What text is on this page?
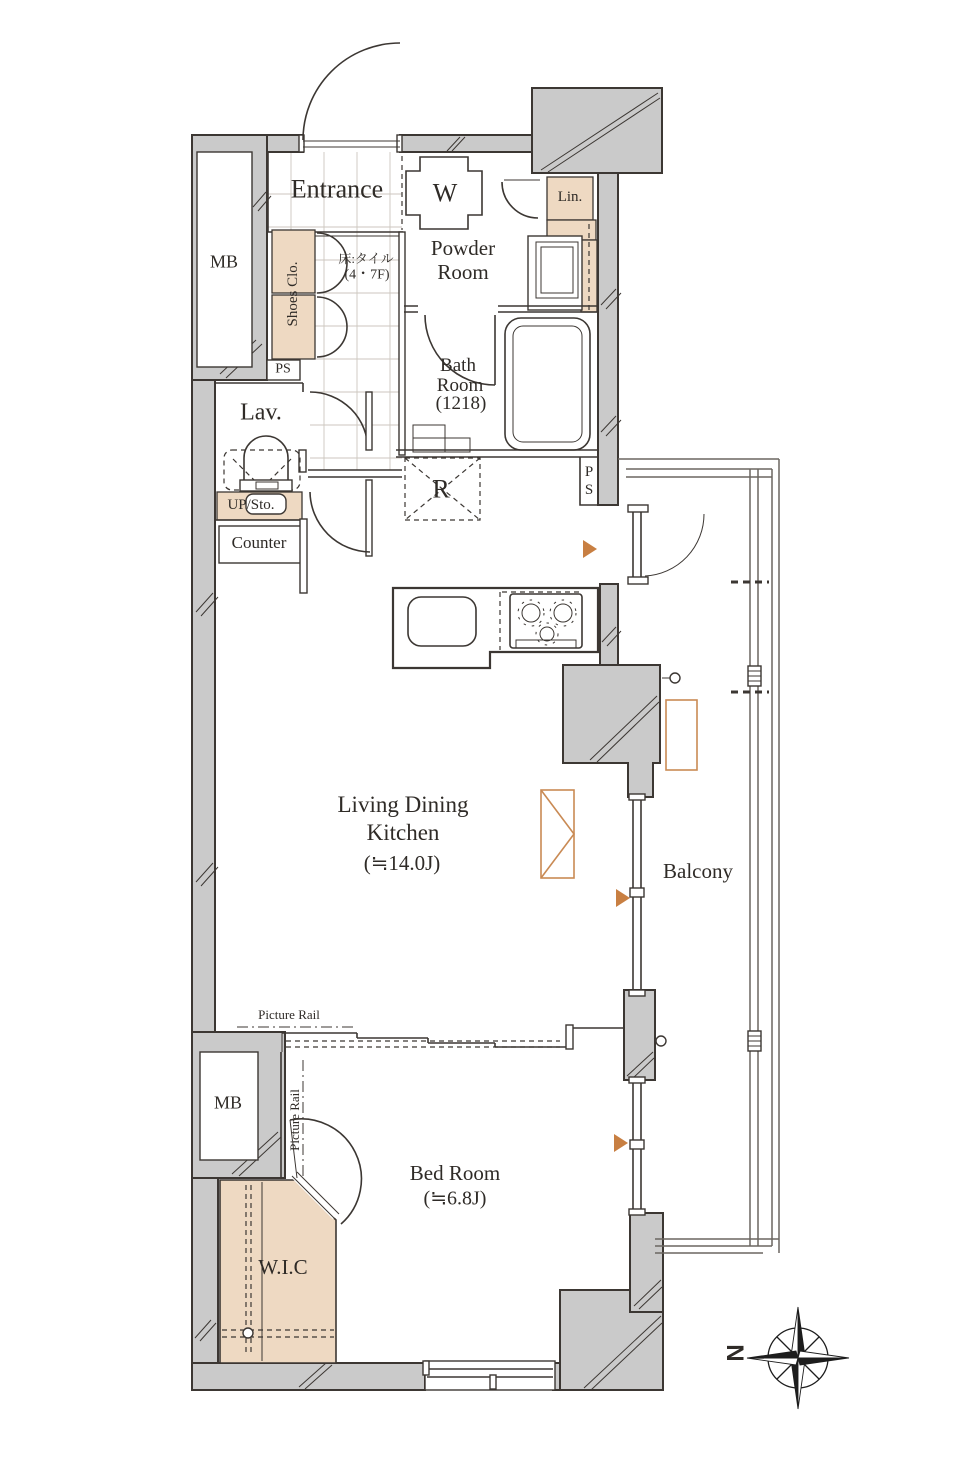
Entrance
MB	Shoes Clo.
床:タイル
(4・7F)
W
Powder
Room
Lin.
Bath
Room
(1218)
PS
Lav.
UP/Sto.
Counter
R
P
S
Living Dining
Kitchen
(≒14.0J)	Balcony
Picture Rail
MB	Picture Rail
Bed Room
(≒6.8J)
W.I.C
N
